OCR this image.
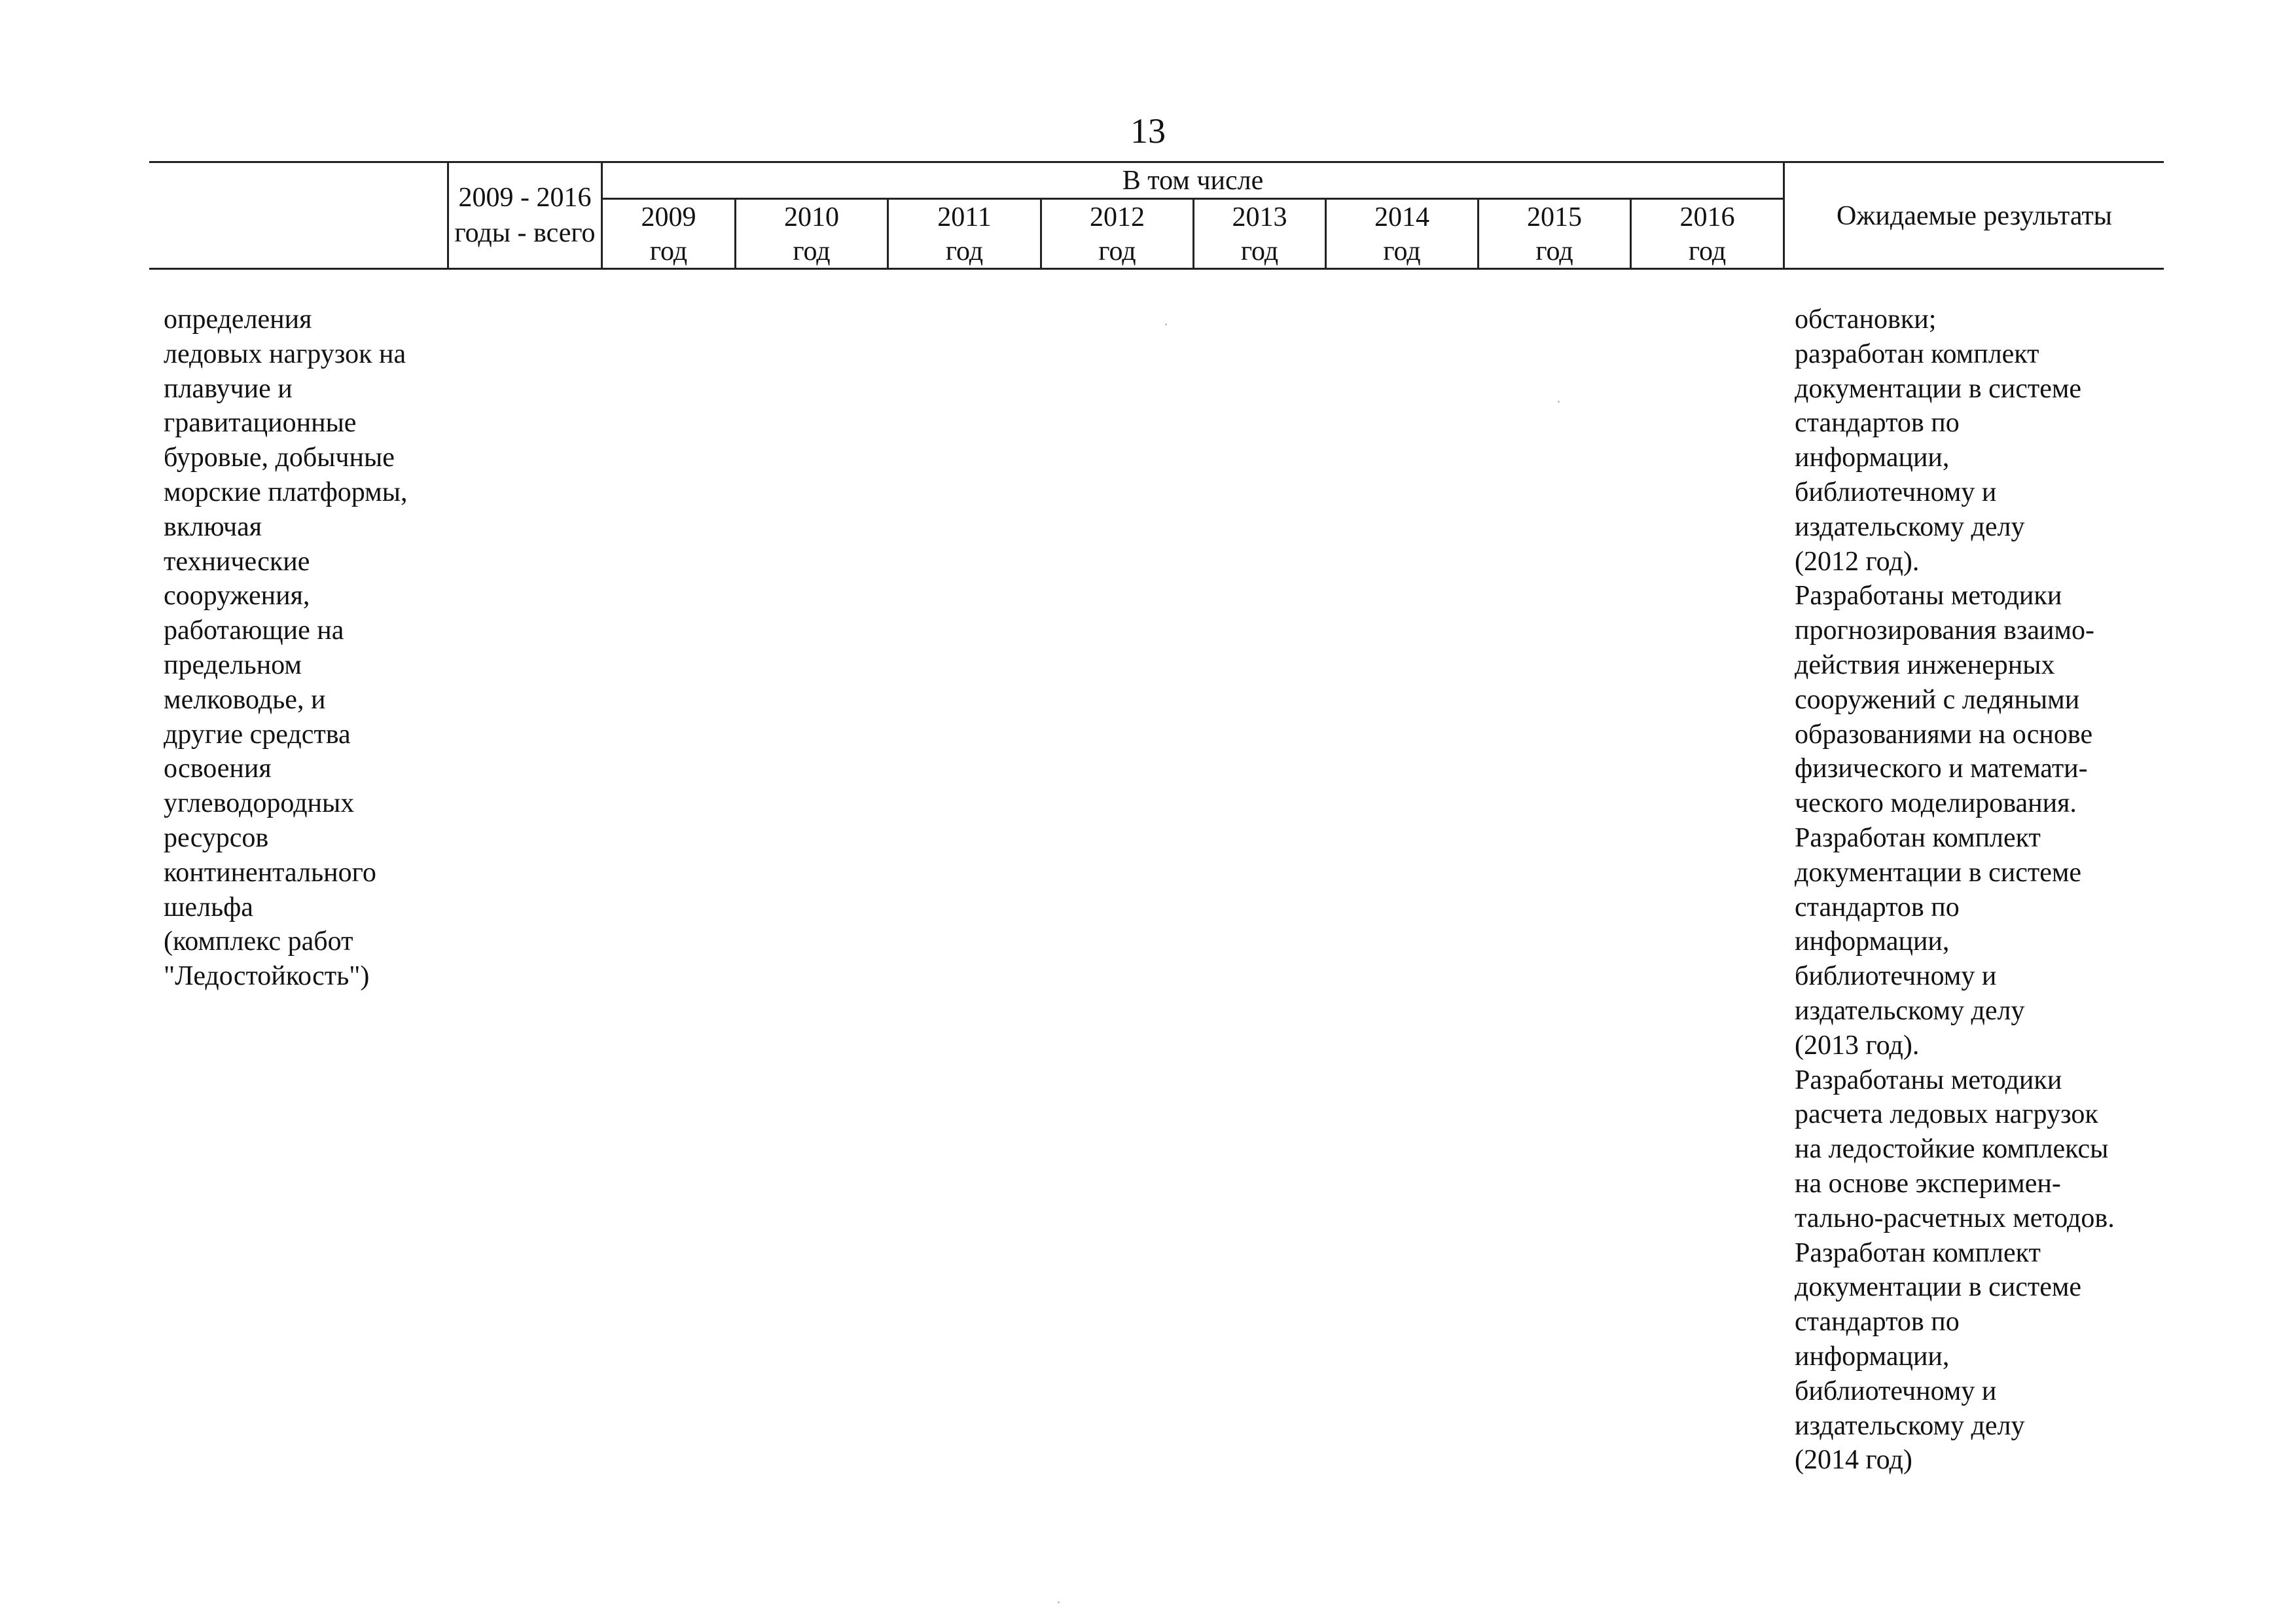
13
2009 - 2016
годы - всего
В том числе
2009
год
2010
год
2011
год
2012
год
2013
год
2014
год
2015
год
2016
год
Ожидаемые результаты
определения
ледовых нагрузок на
плавучие и
гравитационные
буровые, добычные
морские платформы,
включая
технические
сооружения,
работающие на
предельном
мелководье, и
другие средства
освоения
углеводородных
ресурсов
континентального
шельфа
(комплекс работ
"Ледостойкость")
обстановки;
разработан комплект
документации в системе
стандартов по
информации,
библиотечному и
издательскому делу
(2012 год).
Разработаны методики
прогнозирования взаимо-
действия инженерных
сооружений с ледяными
образованиями на основе
физического и математи-
ческого моделирования.
Разработан комплект
документации в системе
стандартов по
информации,
библиотечному и
издательскому делу
(2013 год).
Разработаны методики
расчета ледовых нагрузок
на ледостойкие комплексы
на основе эксперимен-
тально-расчетных методов.
Разработан комплект
документации в системе
стандартов по
информации,
библиотечному и
издательскому делу
(2014 год)
